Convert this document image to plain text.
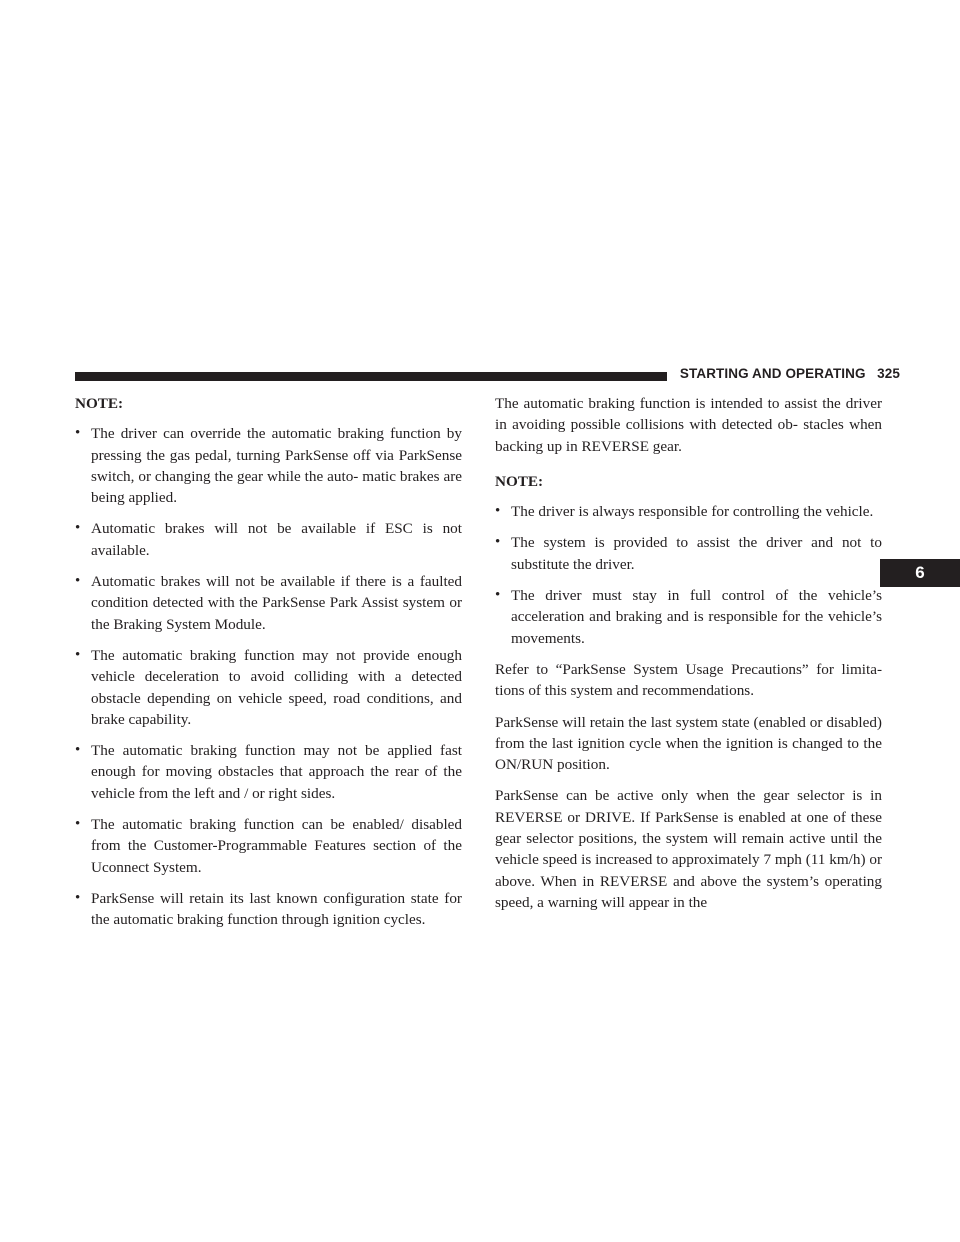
STARTING AND OPERATING 325
6
NOTE:
• The driver can override the automatic braking function by pressing the gas pedal, turning ParkSense off via ParkSense switch, or changing the gear while the auto- matic brakes are being applied.
• Automatic brakes will not be available if ESC is not available.
• Automatic brakes will not be available if there is a faulted condition detected with the ParkSense Park Assist system or the Braking System Module.
• The automatic braking function may not provide enough vehicle deceleration to avoid colliding with a detected obstacle depending on vehicle speed, road conditions, and brake capability.
• The automatic braking function may not be applied fast enough for moving obstacles that approach the rear of the vehicle from the left and / or right sides.
• The automatic braking function can be enabled/ disabled from the Customer-Programmable Features section of the Uconnect System.
• ParkSense will retain its last known configuration state for the automatic braking function through ignition cycles.

The automatic braking function is intended to assist the driver in avoiding possible collisions with detected ob- stacles when backing up in REVERSE gear.

NOTE:
• The driver is always responsible for controlling the vehicle.
• The system is provided to assist the driver and not to substitute the driver.
• The driver must stay in full control of the vehicle’s acceleration and braking and is responsible for the vehicle’s movements.

Refer to “ParkSense System Usage Precautions” for limita- tions of this system and recommendations.

ParkSense will retain the last system state (enabled or disabled) from the last ignition cycle when the ignition is changed to the ON/RUN position.

ParkSense can be active only when the gear selector is in REVERSE or DRIVE. If ParkSense is enabled at one of these gear selector positions, the system will remain active until the vehicle speed is increased to approximately 7 mph (11 km/h) or above. When in REVERSE and above the system’s operating speed, a warning will appear in the
